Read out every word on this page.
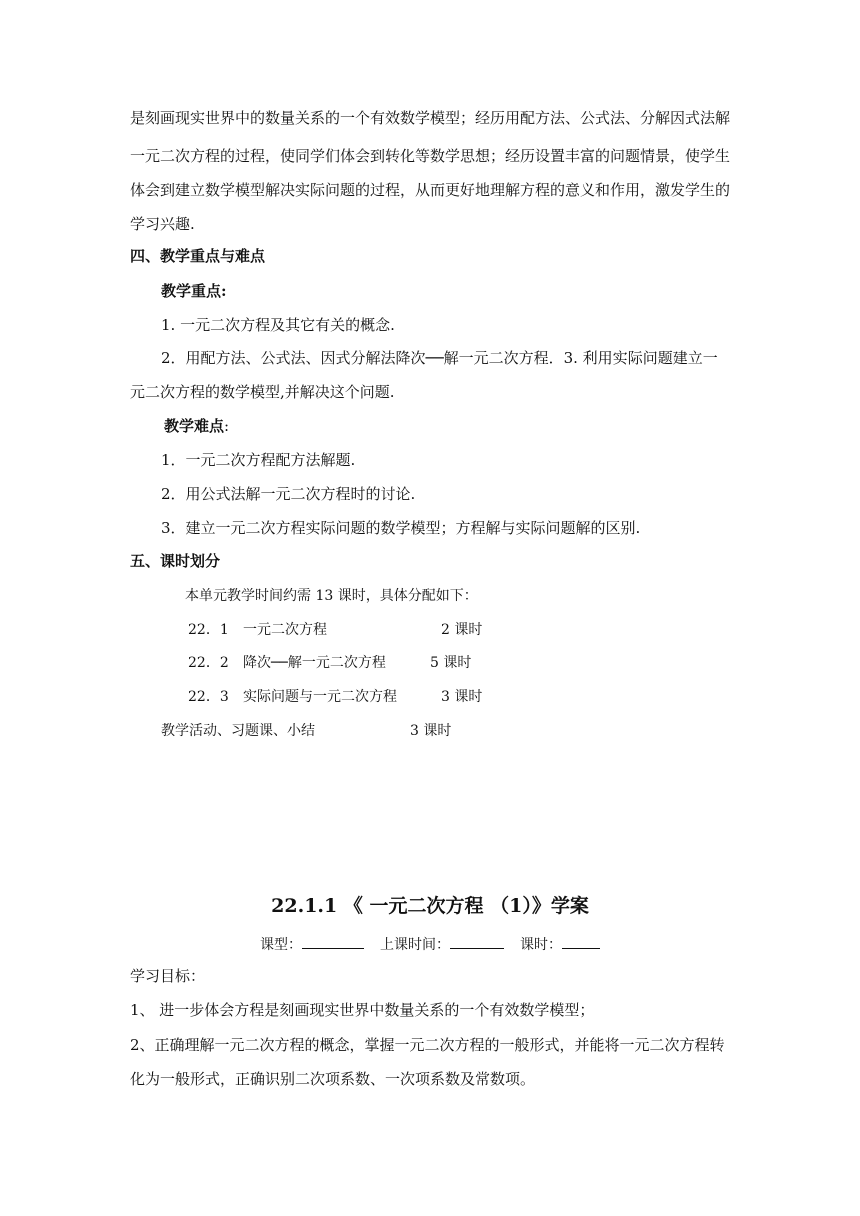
是刻画现实世界中的数量关系的一个有效数学模型；经历用配方法、公式法、分解因式法解
一元二次方程的过程，使同学们体会到转化等数学思想；经历设置丰富的问题情景，使学生
体会到建立数学模型解决实际问题的过程，从而更好地理解方程的意义和作用，激发学生的
学习兴趣.
四、教学重点与难点
教学重点:
1. 一元二次方程及其它有关的概念.
2．用配方法、公式法、因式分解法降次──解一元二次方程．3. 利用实际问题建立一
元二次方程的数学模型,并解决这个问题.
教学难点:
1．一元二次方程配方法解题.
2．用公式法解一元二次方程时的讨论.
3．建立一元二次方程实际问题的数学模型；方程解与实际问题解的区别.
五、课时划分
本单元教学时间约需 13 课时，具体分配如下：
22．1 一元二次方程	2 课时
22．2 降次──解一元二次方程	5 课时
22．3 实际问题与一元二次方程	3 课时
教学活动、习题课、小结	3 课时
22.1.1 《 一元二次方程 （1）》学案
课型：	上课时间：	课时：
学习目标：
1、 进一步体会方程是刻画现实世界中数量关系的一个有效数学模型；
2、正确理解一元二次方程的概念，掌握一元二次方程的一般形式，并能将一元二次方程转
化为一般形式，正确识别二次项系数、一次项系数及常数项。
